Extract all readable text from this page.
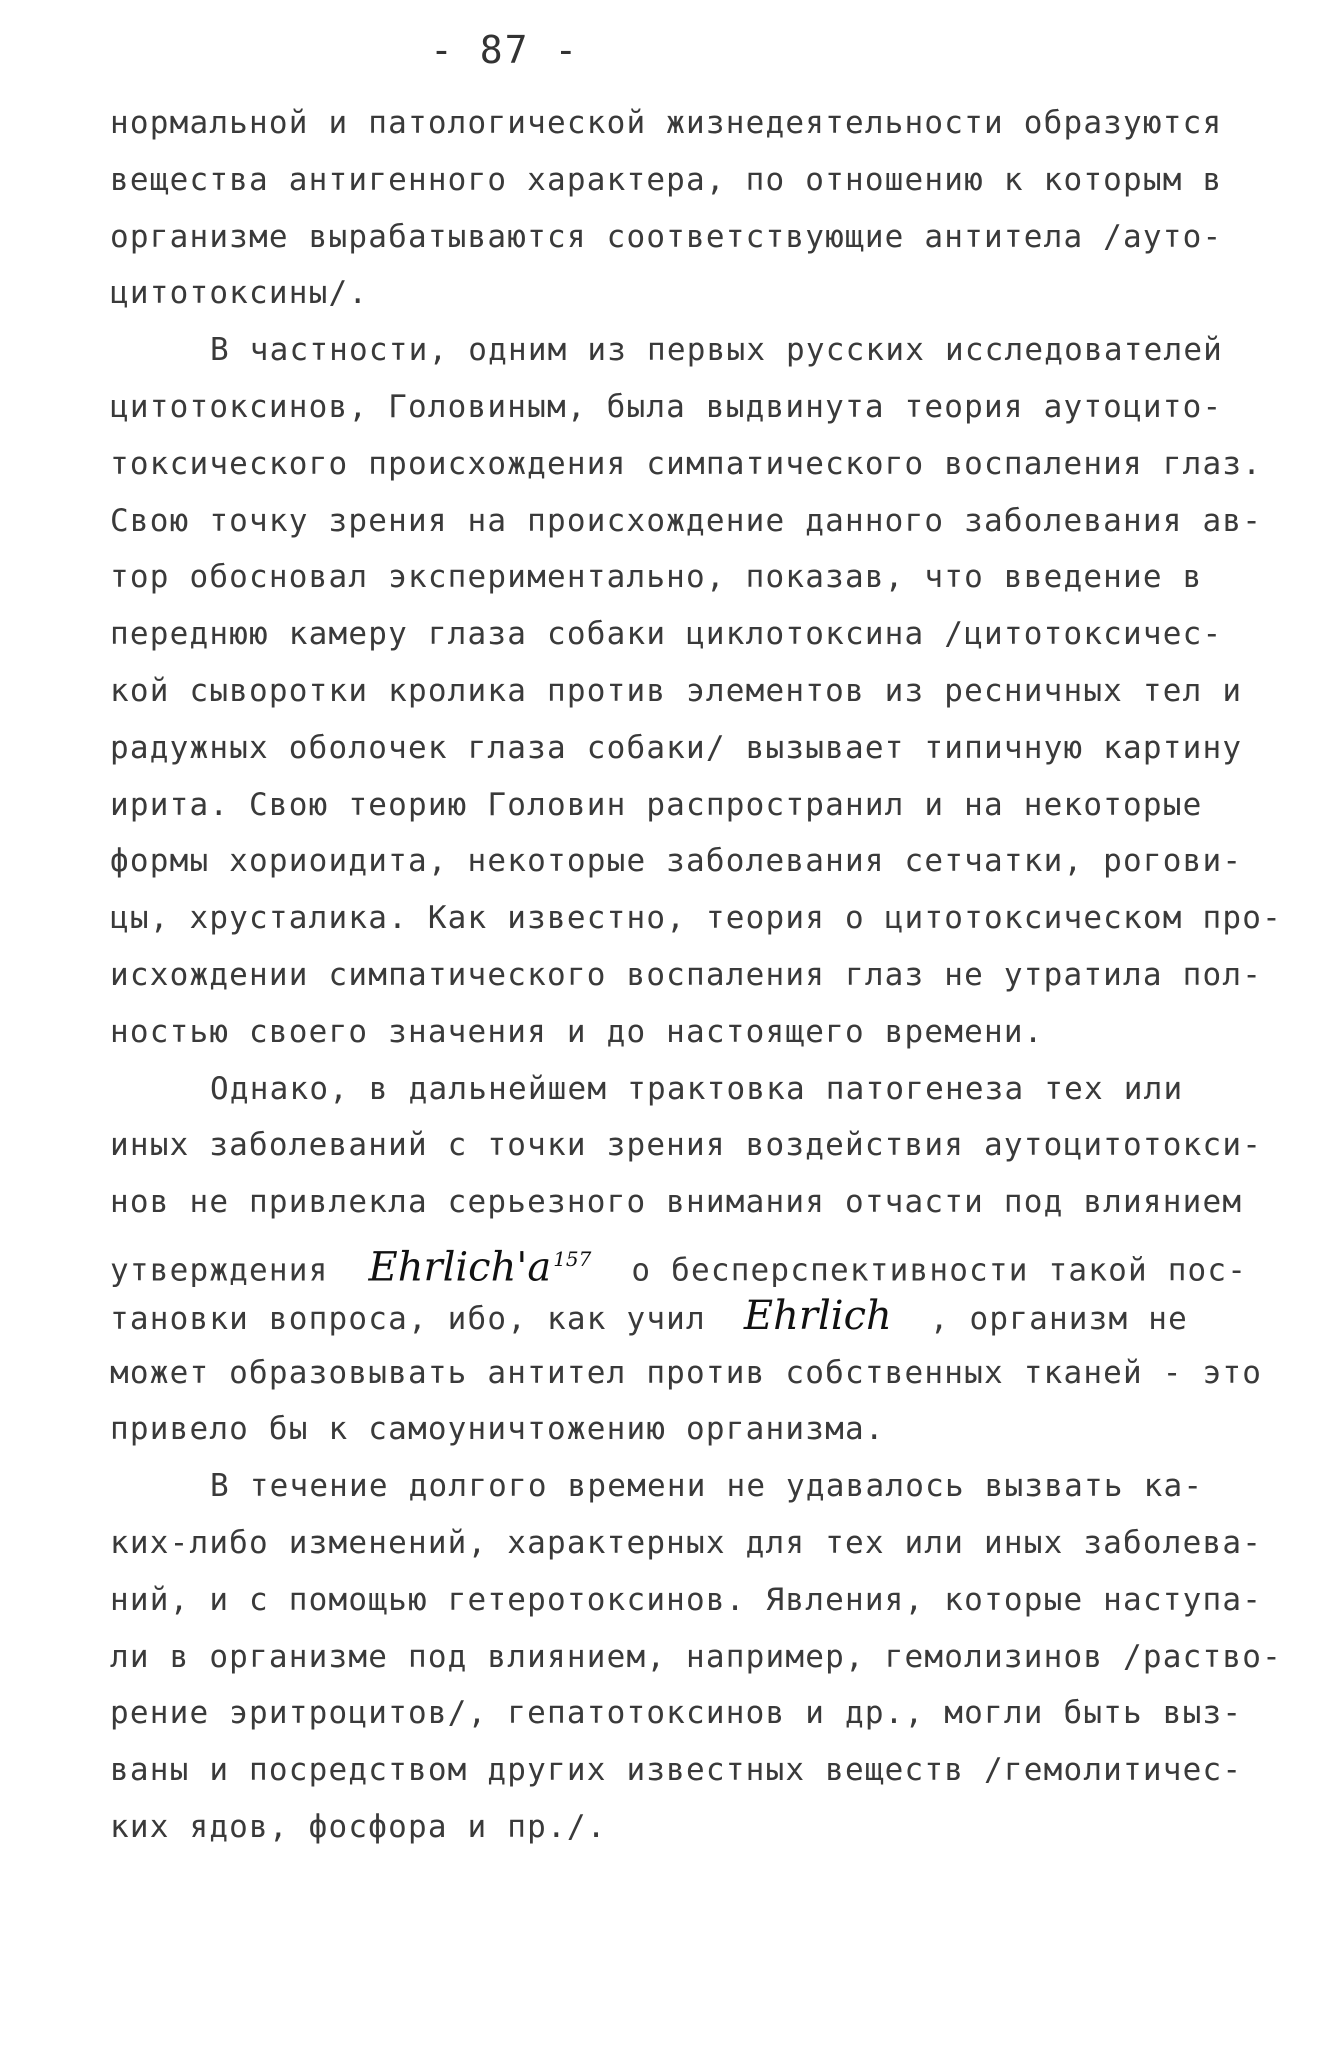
- 87 -
нормальной и патологической жизнедеятельности образуются
вещества антигенного характера, по отношению к которым в
организме вырабатываются соответствующие антитела /ауто-
цитотоксины/.
В частности, одним из первых русских исследователей
цитотоксинов, Головиным, была выдвинута теория аутоцито-
токсического происхождения симпатического воспаления глаз.
Свою точку зрения на происхождение данного заболевания ав-
тор обосновал экспериментально, показав, что введение в
переднюю камеру глаза собаки циклотоксина /цитотоксичес-
кой сыворотки кролика против элементов из ресничных тел и
радужных оболочек глаза собаки/ вызывает типичную картину
ирита. Свою теорию Головин распространил и на некоторые
формы хориоидита, некоторые заболевания сетчатки, рогови-
цы, хрусталика. Как известно, теория о цитотоксическом про-
исхождении симпатического воспаления глаз не утратила пол-
ностью своего значения и до настоящего времени.
Однако, в дальнейшем трактовка патогенеза тех или
иных заболеваний с точки зрения воздействия аутоцитотокси-
нов не привлекла серьезного внимания отчасти под влиянием
утверждения Ehrlich'a $^{157}$ о бесперспективности такой пос-
тановки вопроса, ибо, как учил Ehrlich , организм не
может образовывать антител против собственных тканей - это
привело бы к самоуничтожению организма.
В течение долгого времени не удавалось вызвать ка-
ких-либо изменений, характерных для тех или иных заболева-
ний, и с помощью гетеротоксинов. Явления, которые наступа-
ли в организме под влиянием, например, гемолизинов /раство-
рение эритроцитов/, гепатотоксинов и др., могли быть выз-
ваны и посредством других известных веществ /гемолитичес-
ких ядов, фосфора и пр./.
